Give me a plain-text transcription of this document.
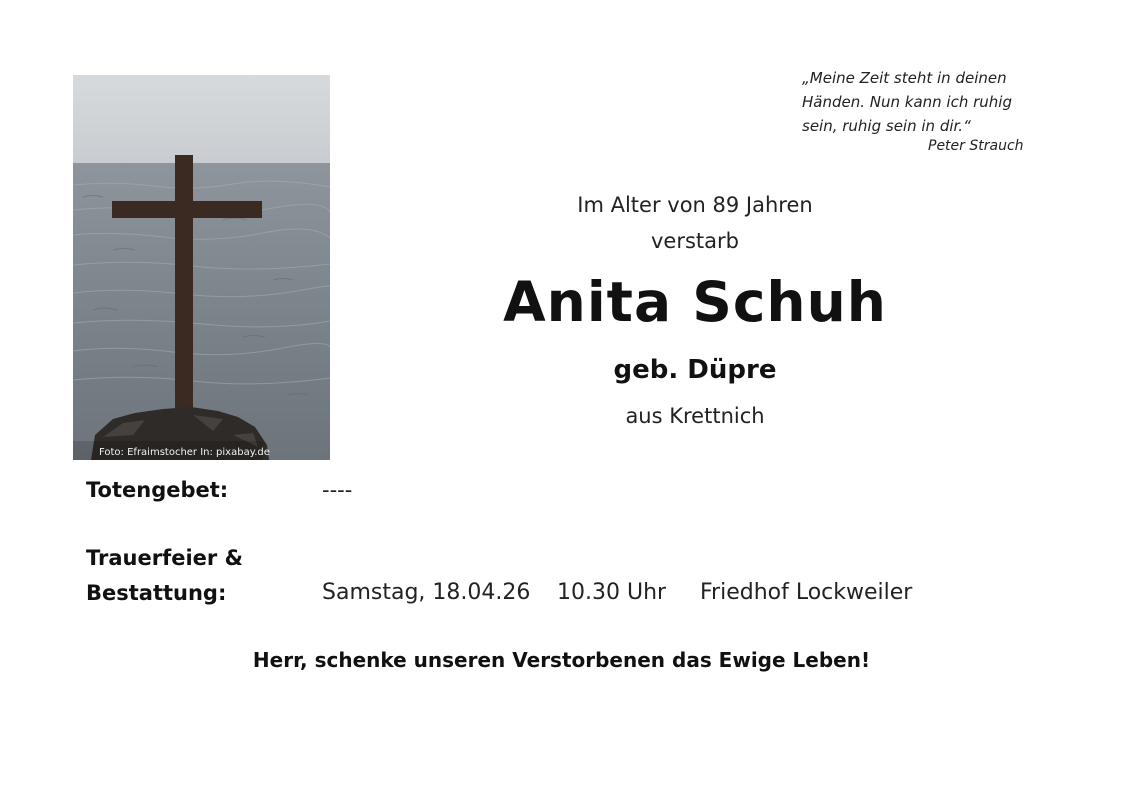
Foto: Efraimstocher In: pixabay.de
„Meine Zeit steht in deinen
Händen. Nun kann ich ruhig
sein, ruhig sein in dir.“
Peter Strauch
Im Alter von 89 Jahren
verstarb
Anita Schuh
geb. Düpre
aus Krettnich
Totengebet:	----
Trauerfeier &
Bestattung:	Samstag, 18.04.26 10.30 Uhr Friedhof Lockweiler
Herr, schenke unseren Verstorbenen das Ewige Leben!
